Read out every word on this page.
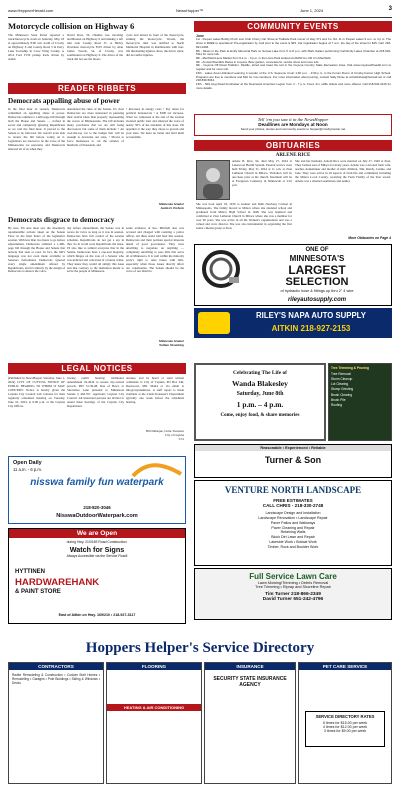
www.HeppnerHerald.com	NewsHopper™	June 1, 2024	3
Motorcycle collision on Highway 6
The Minnesota State Patrol reported a truck/motorcycle crash on Saturday, May 18 at approximately 8:00 a.m. north of Crosby on Highway 6 and County Road 3 in Perry Lake Township in Crow Wing County. A 2014 Ford F150 pickup truck driven by Adam
David Ross, 50, Onamia was traveling northbound on Highway 6 and making a left turn onto County Road 31. A Harley Davidson motorcycle FLH driven by Alan James Woods, 54, of Crosby, was southbound on Highway 6. The driver of the truck did not see the motor-
cycle and turned in front of the motorcycle, striking the motorcycle. Woods, the motorcycle rider was airlifted to North Memorial Hospital in Robbinsdale with non-life threatening injuries. Ross, the driver truck, did not suffer injuries.
COMMUNITY EVENTS
June
1st - Pequot Lakes Bobby Pinch Lion Club Cherry Car Show at Trailside Park corner of Hwy 371 and Co. Rd. 11 in Pequot Lakes 9 a.m. to 4 p.m. The show is FREE to spectators! Pre-registration by mail prior to the event is $15. Car registration begins at 7 a.m. the day of the show for $15. Call: 218-821-0496.
8th - Music in the Park at Emily Memorial Park on Sunset Lake from 5 to 8 p.m. with Mark Gatten performing! Call Emily Lakes Chamber at 218-543-5111 for more info.
8th - Merrifield Lions Market from 9 a.m. - 3 p.m. in the Lions Park located at 21050 Co. Rd 3 in Merrifield.
9th - Annual Woodtick Races in Cuyuna. Beer garden, concessions, vendor show and more info.
9th - Cuyuna Off Road Triathlon. Paddle, shred and tread the soil in the Cuyuna Country State Recreation Area. Visit www.cuyunaoffroadtri.com to register and for more info.
15th - Lakes Area Unlimited Learning 4 wonder of the U.S. Supreme Court 1:30 p.m. - 3:30 p.m. in the Forum Room of Crosby-Ironton High School. Programs are free to members and $10 for non-members. For more information about joining, contact Sally Dinse at schultzshaw@hotmail.net or call 218-839-5044.
15th - SRL Hug Road Fundraiser at the Deerwood American Legion from 4 - 7 p.m. Food, fun, raffle tickets and more offered. Call 218-534-3215 for more details.
READER RIBBETS
Tell 'em you saw it in the NewsHopper
Deadlines are Mondays at Noon
Send your photos, stories and community events to hopper@crosbyironton.net
Democrats appalling abuse of power
In the final hour of session, Democrats committed an appalling abuse of power. Democrats rammed a 1,400-page bill through both the House and Senate — crafted in secret and completely ignoring Republicans as we told the final hour. It proved to the Senate to be followed. We weren't even able to review the bill before voting on it. Legislators are elected to be the voice of the Minnesotans we represent, and Democrats silenced all of us when they
abandoned the rules of the Senate. It's clear Democrats are more interested in pursuing their radical ideas than properly representing the voices of Minnesotans. The bill includes many provisions that we are still being discovered, but some of them include: • An over-the-top cut to the budget that will be enough to devastate our state, • Moves to force businesses to cut the salaries of hundreds of thousands, and
• Increases in energy costs • Pay raises for political bureaucrats • A $300 tax increase. What we witnessed at the end of the session violated public trust and silenced the voice of nearly 50% of the residents of this state. I'm appalled at the way they chose to govern and your state. We must do better and hold them accountable.
Minnesota Senator
Justin D. Eichorn
Democrats disgrace to democracy
By now, I'm sure most saw the absolutely reprehensible actions taken on the Senate Floor in the final hours of the legislative session. With less than two hours to go before adjournment, Democrats rammed a 1,400-page bill through the House and Senate that nobody had seen or read. In fact, the bill's language was not even made available to Senators beforehand. Democrats ignored every single amendment offered by Republicans, and it's entirely by the design of Democrats to silence the voice.
day before adjournment, the Senate was in recess for twice as long as it was in session. Democrats have full control of the session schedule. Republicans do not get a say in that. So in world were Republicans the issue. I'd also like to remind everyone that in the Senate, Democrats have a one-seat majority, which hinges on the vote of a Senator who was indicted and convicted of a felony crime. They knew they would all simply this issue and that contrary to the institution meant to serve the people of Minnesota.
seeks evidence of lies. Mitchell also was accused and charged with resisting a police officer. All three stand trial later this session. Democrats and their partisan special interests ahead of good governance. They were unwilling to negotiate on anything — completely unwilling to pass bills that serve all of Minnesota. It is well within the minority party's right to raise issues with bills, especially when those issues directly affect our constituents. The Senate should be the voice of our districts.
Minnesota Senator
Nathan Wesenberg
OBITUARIES
ARLENE RICE
Arlene B. Rice, 94, died May 27, 2024 at Lakewood Health System. Funeral service were held Friday, May 31, 2024 at 11 a.m. at Zion Lutheran Church in Milaca. Visitation will be one hour prior at the church. Interment will be at Evergreen Cemetery in Ninnescah at 2:45 p.m.
She was born April 18, 1930 to Gunnar and Ruth Newberg Carlson in Minneapolis. The family moved to Milaca where she attended school and graduated from Milaca High School in 1948. She was baptized and confirmed at Zion Lutheran Church in Milaca where she was a member for over 90 years. She was active in all the Women's organizations and was a valued and crew director. She was also instrumental in organizing the first senior citizens group at Zion.
She and her husband, Arnold Rice were married on July 27, 1949 at Zion. They farmed east of Milaca for many years. Arlene was a devoted farm wife, teacher, homemaker and mother of their children, Tim, Randy, Connie, and Jane. They were active in all aspects of farm life and community including the Milaca Local County, receiving the Farm Family of the Year award. Arlene was a talented seamstress and quilter.
More Obituaries on Page 4
ONE OF
MINNESOTA'S
LARGEST
SELECTION
of hydraulic hose & fittings up thru 2" 4 wire
rileyautosupply.com
RILEY'S NAPA AUTO SUPPLY
AITKIN 218-927-2153
LEGAL NOTICES
(Published in NewsHopper Saturday, June 1, 2024) CITY OF CUYUNA NOTICE OF PUBLIC HEARING TO WHOM IT MAY CONCERN: Notice is hereby given the Cuyuna City Council will convene for their regularly scheduled meeting on Tuesday, June 10, 2024, at 6:00 p.m. at the Cuyuna City Offices.
lowing public hearing: Ordinance Amendment 24-2024 to rezone city-owned parcels, PID 31-39-08, Rue of Bowl, to Snowshoe Lane pursuant to Minnesota Statute § 462.357. Applicant: Cuyuna City Council. All interested persons are invited to attend these hearings of the Cuyuna City Department.
Avenue, and be heard or send written comments to City of Cuyuna, PO Box 346, Deerwood, MN 56444 or via email at info@cuyunamn.us. A staff report is made available at the Clerk-Treasurer's Department typically one week before the scheduled hearing.
Bill Dubuque, Clerk-Treasurer
City of Cuyuna
5/31
Open Daily
11 a.m. - 6 p.m.
nisswa family fun waterpark
218-820-3046
NisswaOutdoorWaterpark.com
Celebrating The Life of
Wanda Blakesley
Saturday, June 8th
1 p.m. – 4 p.m.
Come, enjoy food, & share memories
Tree Trimming & Pruning
Tree Removal
Storm Cleanup
Lot Clearing
Stump Grinding
Brush Clearing
Brush Pile
Roofing
We are Open
during Hwy. 210/169 Road Construction.
Watch for Signs
Always Accessible via the Service Road!
HYTTINEN
HARDWAREHANK
& PAINT STORE
East of Aitkin on Hwy. 169/210 • 218-927-3117
Reasonable • Experienced • Reliable
Turner & Son
Full Service Lawn Care
Lawn Mowing/Trimming • Debris Removal
Tree Trimming • Riprap and Shoreline Repair
Tim Turner 218-866-2349
David Turner 651-242-4796
VENTURE NORTH LANDSCAPE
FREE ESTIMATES
CALL CHRIS - 218-330-2748
Landscape Design and Installation
Landscape Renovation • Landscape Repair
Paver Patios and Walkways
Paver Cleaning and Repair
Retaining Walls
Block Dirt Lawn and Repair
Lakeside Work • Bobcat Work
Timber, Rock and Boulder Work
Hoppers Helper's Service Directory
CONTRACTORS
Radke Remodeling & Construction • Custom Built Homes • Remodeling • Garages • Pole Buildings • Siding & Windows • Decks
FLOORING
HEATING & AIR CONDITIONING
INSURANCE
SECURITY STATE INSURANCE AGENCY
PET CARE SERVICE
SERVICE DIRECTORY RATES
5 times for $15.00 per week
4 times for $12.00 per week
3 times for $9.00 per week
